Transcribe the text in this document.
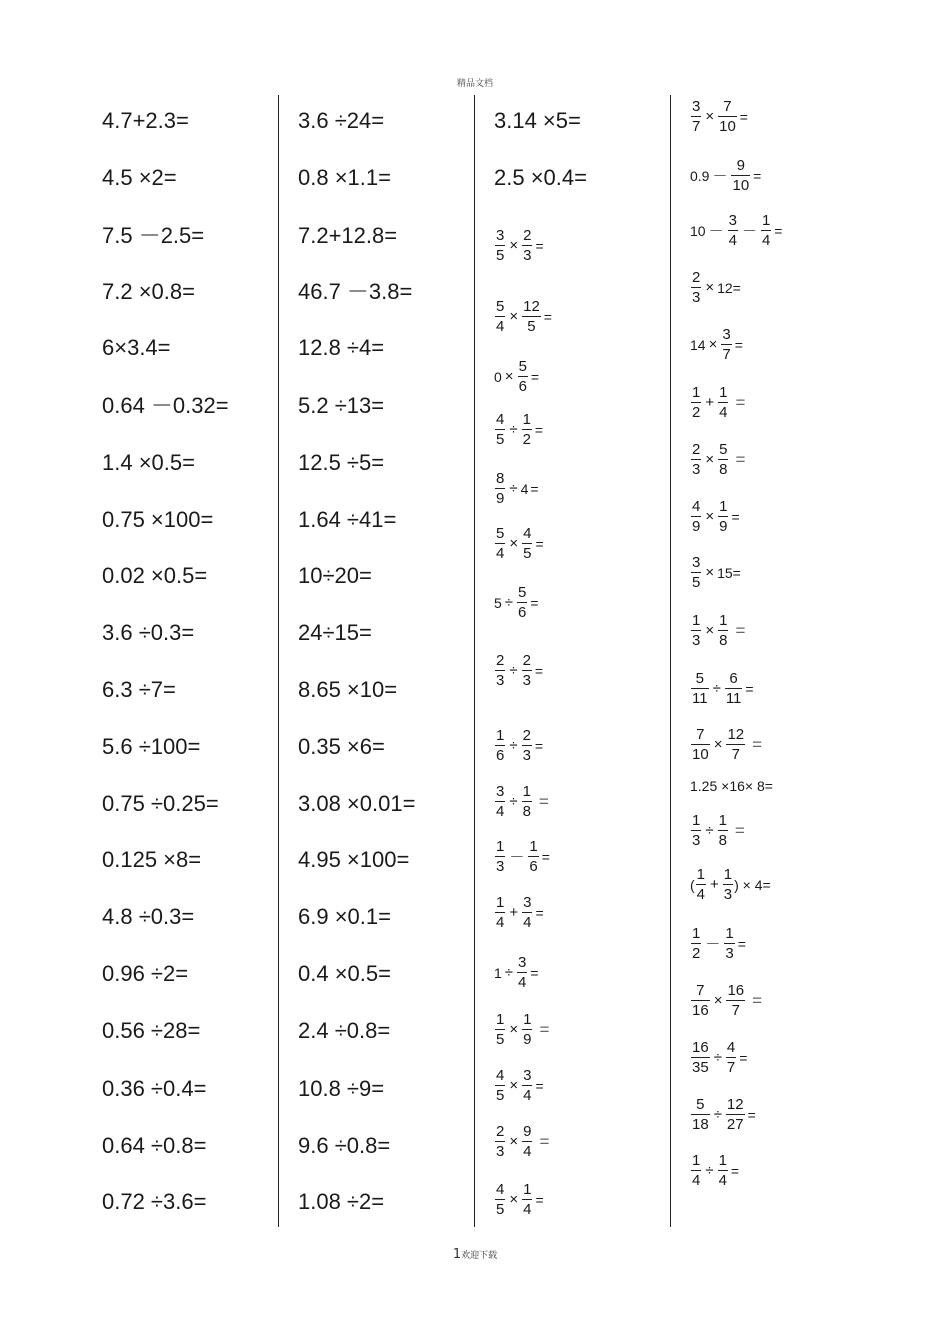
精品文档
4.7+2.3=
4.5 ×2=
7.5 －2.5=
7.2 ×0.8=
6×3.4=
0.64 －0.32=
1.4 ×0.5=
0.75 ×100=
0.02 ×0.5=
3.6 ÷0.3=
6.3 ÷7=
5.6 ÷100=
0.75 ÷0.25=
0.125 ×8=
4.8 ÷0.3=
0.96 ÷2=
0.56 ÷28=
0.36 ÷0.4=
0.64 ÷0.8=
0.72 ÷3.6=
3.6 ÷24=
0.8 ×1.1=
7.2+12.8=
46.7 －3.8=
12.8 ÷4=
5.2 ÷13=
12.5 ÷5=
1.64 ÷41=
10÷20=
24÷15=
8.65 ×10=
0.35 ×6=
3.08 ×0.01=
4.95 ×100=
6.9 ×0.1=
0.4 ×0.5=
2.4 ÷0.8=
10.8 ÷9=
9.6 ÷0.8=
1.08 ÷2=
3.14 ×5=
2.5 ×0.4=
$\frac{3}{5} \times \frac{2}{3}$ =
$\frac{5}{4} \times \frac{12}{5}$ =
$0 \times \frac{5}{6}$ =
$\frac{4}{5} \div \frac{1}{2}$ =
$\frac{8}{9} \div 4$ =
$\frac{5}{4} \times \frac{4}{5}$ =
$5 \div \frac{5}{6}$ =
$\frac{2}{3} \div \frac{2}{3}$ =
$\frac{1}{6} \div \frac{2}{3}$ =
$\frac{3}{4} \div \frac{1}{8}$ =
$\frac{1}{3} - \frac{1}{6}$ =
$\frac{1}{4} + \frac{3}{4}$ =
$1 \div \frac{3}{4}$ =
$\frac{1}{5} \times \frac{1}{9}$ =
$\frac{4}{5} \times \frac{3}{4}$ =
$\frac{2}{3} \times \frac{9}{4}$ =
$\frac{4}{5} \times \frac{1}{4}$ =
$\frac{3}{7} \times \frac{7}{10}$ =
$0.9 - \frac{9}{10}$ =
$10 - \frac{3}{4} - \frac{1}{4}$ =
$\frac{2}{3} \times 12=$
$14 \times \frac{3}{7}$ =
$\frac{1}{2} + \frac{1}{4}$ =
$\frac{2}{3} \times \frac{5}{8}$ =
$\frac{4}{9} \times \frac{1}{9}$ =
$\frac{3}{5} \times 15=$
$\frac{1}{3} \times \frac{1}{8}$ =
$\frac{5}{11} \div \frac{6}{11}$ =
$\frac{7}{10} \times \frac{12}{7}$ =
1.25 ×16× 8=
$\frac{1}{3} \div \frac{1}{8}$ =
( $\frac{1}{4} + \frac{1}{3}$ ) × 4=
$\frac{1}{2} - \frac{1}{3}$ =
$\frac{7}{16} \times \frac{16}{7}$ =
$\frac{16}{35} \div \frac{4}{7}$ =
$\frac{5}{18} \div \frac{12}{27}$ =
$\frac{1}{4} \div \frac{1}{4}$ =
1欢迎下载
